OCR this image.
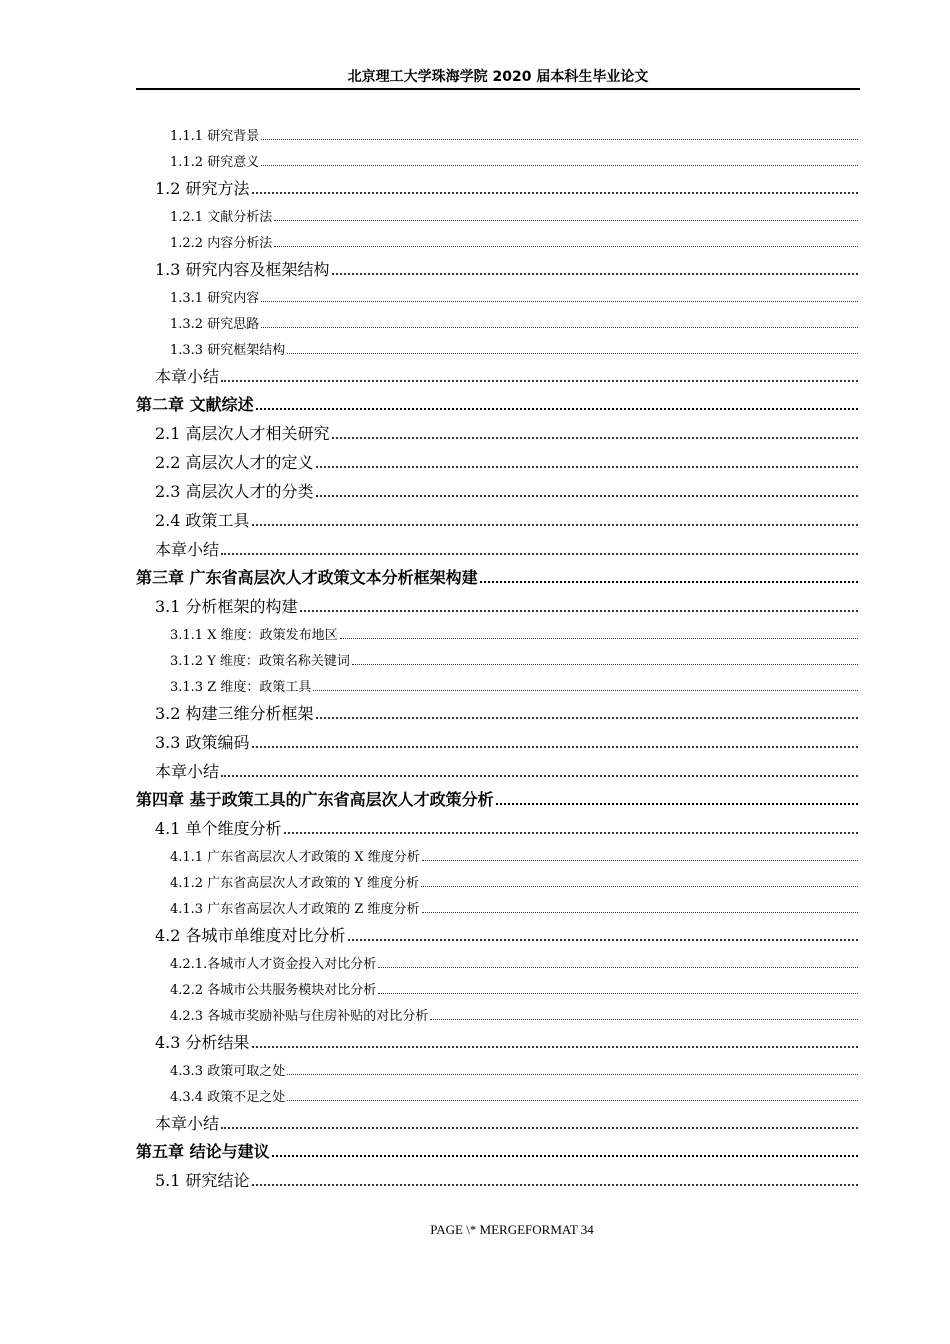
北京理工大学珠海学院 2020 届本科生毕业论文
1.1.1 研究背景
1.1.2 研究意义
1.2 研究方法
1.2.1 文献分析法
1.2.2 内容分析法
1.3 研究内容及框架结构
1.3.1 研究内容
1.3.2 研究思路
1.3.3 研究框架结构
本章小结
第二章 文献综述
2.1 高层次人才相关研究
2.2 高层次人才的定义
2.3 高层次人才的分类
2.4 政策工具
本章小结
第三章 广东省高层次人才政策文本分析框架构建
3.1 分析框架的构建
3.1.1 X 维度：政策发布地区
3.1.2 Y 维度：政策名称关键词
3.1.3 Z 维度：政策工具
3.2 构建三维分析框架
3.3 政策编码
本章小结
第四章 基于政策工具的广东省高层次人才政策分析
4.1 单个维度分析
4.1.1 广东省高层次人才政策的 X 维度分析
4.1.2 广东省高层次人才政策的 Y 维度分析
4.1.3 广东省高层次人才政策的 Z 维度分析
4.2 各城市单维度对比分析
4.2.1.各城市人才资金投入对比分析
4.2.2 各城市公共服务模块对比分析
4.2.3 各城市奖励补贴与住房补贴的对比分析
4.3 分析结果
4.3.3 政策可取之处
4.3.4 政策不足之处
本章小结
第五章 结论与建议
5.1 研究结论
PAGE \* MERGEFORMAT 34
